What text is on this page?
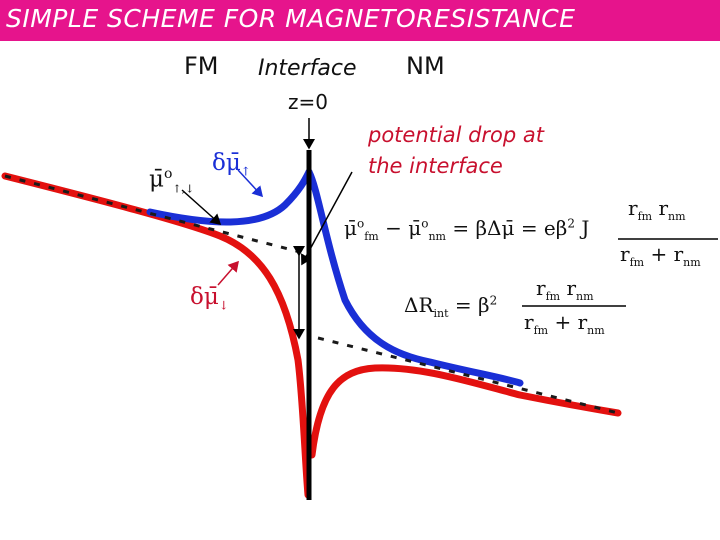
SIMPLE SCHEME FOR MAGNETORESISTANCE
FM Interface NM
z=0
potential drop at
the interface
μ̄$^o_{↑,↓}$
$\delta\mū_↑$
$\delta\mū_↓$
μ̄$^o_{fm}$ − μ̄$^o_{nm}$ = βΔμ̄ = $e\beta^2$ J
$r_{fm}$ $r_{nm}$
$r_{fm} + r_{nm}$
$\Delta R_{int} = \beta^2$
$r_{fm}$ $r_{nm}$
$r_{fm} + r_{nm}$
